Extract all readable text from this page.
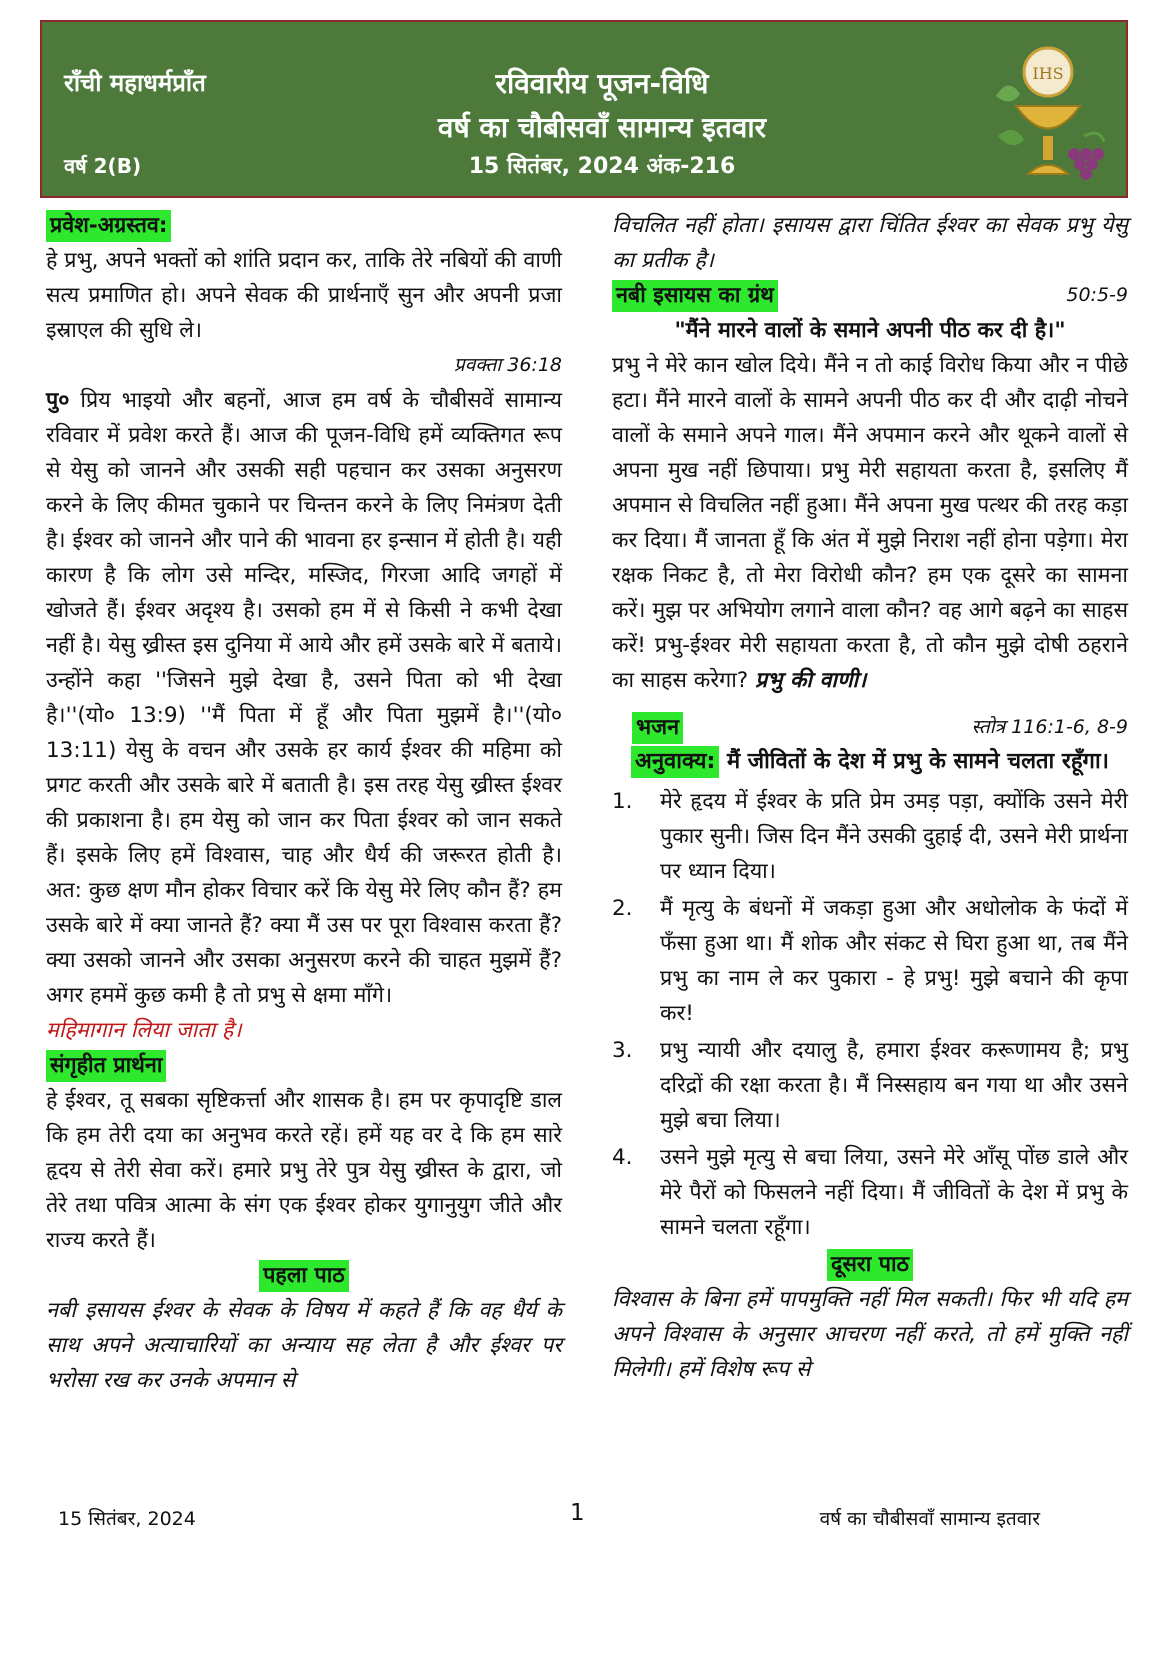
राँची महाधर्मप्राँत
वर्ष 2(B)
रविवारीय पूजन-विधि
वर्ष का चौबीसवाँ सामान्य इतवार
15 सितंबर, 2024 अंक-216
IHS
प्रवेश-अग्रस्तव:

हे प्रभु, अपने भक्तों को शांति प्रदान कर, ताकि तेरे नबियों की वाणी सत्य प्रमाणित हो। अपने सेवक की प्रार्थनाएँ सुन और अपनी प्रजा इस्राएल की सुधि ले।

प्रवक्ता 36:18

पु० प्रिय भाइयो और बहनों, आज हम वर्ष के चौबीसवें सामान्य रविवार में प्रवेश करते हैं। आज की पूजन-विधि हमें व्यक्तिगत रूप से येसु को जानने और उसकी सही पहचान कर उसका अनुसरण करने के लिए कीमत चुकाने पर चिन्तन करने के लिए निमंत्रण देती है। ईश्वर को जानने और पाने की भावना हर इन्सान में होती है। यही कारण है कि लोग उसे मन्दिर, मस्जिद, गिरजा आदि जगहों में खोजते हैं। ईश्वर अदृश्य है। उसको हम में से किसी ने कभी देखा नहीं है। येसु ख्रीस्त इस दुनिया में आये और हमें उसके बारे में बताये। उन्होंने कहा ''जिसने मुझे देखा है, उसने पिता को भी देखा है।''(यो० 13:9) ''मैं पिता में हूँ और पिता मुझमें है।''(यो० 13:11) येसु के वचन और उसके हर कार्य ईश्वर की महिमा को प्रगट करती और उसके बारे में बताती है। इस तरह येसु ख्रीस्त ईश्वर की प्रकाशना है। हम येसु को जान कर पिता ईश्वर को जान सकते हैं। इसके लिए हमें विश्वास, चाह और धैर्य की जरूरत होती है। अत: कुछ क्षण मौन होकर विचार करें कि येसु मेरे लिए कौन हैं? हम उसके बारे में क्या जानते हैं? क्या मैं उस पर पूरा विश्वास करता हैं? क्या उसको जानने और उसका अनुसरण करने की चाहत मुझमें हैं? अगर हममें कुछ कमी है तो प्रभु से क्षमा माँगे।

महिमागान लिया जाता है।
संगृहीत प्रार्थना

हे ईश्वर, तू सबका सृष्टिकर्त्ता और शासक है। हम पर कृपादृष्टि डाल कि हम तेरी दया का अनुभव करते रहें। हमें यह वर दे कि हम सारे हृदय से तेरी सेवा करें। हमारे प्रभु तेरे पुत्र येसु ख्रीस्त के द्वारा, जो तेरे तथा पवित्र आत्मा के संग एक ईश्वर होकर युगानुयुग जीते और राज्य करते हैं।

पहला पाठ

नबी इसायस ईश्वर के सेवक के विषय में कहते हैं कि वह धैर्य के साथ अपने अत्याचारियों का अन्याय सह लेता है और ईश्वर पर भरोसा रख कर उनके अपमान से

विचलित नहीं होता। इसायस द्वारा चिंतित ईश्वर का सेवक प्रभु येसु का प्रतीक है।

नबी इसायस का ग्रंथ	50:5-9
"मैंने मारने वालों के समाने अपनी पीठ कर दी है।"

प्रभु ने मेरे कान खोल दिये। मैंने न तो काई विरोध किया और न पीछे हटा। मैंने मारने वालों के सामने अपनी पीठ कर दी और दाढ़ी नोचने वालों के समाने अपने गाल। मैंने अपमान करने और थूकने वालों से अपना मुख नहीं छिपाया। प्रभु मेरी सहायता करता है, इसलिए मैं अपमान से विचलित नहीं हुआ। मैंने अपना मुख पत्थर की तरह कड़ा कर दिया। मैं जानता हूँ कि अंत में मुझे निराश नहीं होना पड़ेगा। मेरा रक्षक निकट है, तो मेरा विरोधी कौन? हम एक दूसरे का सामना करें। मुझ पर अभियोग लगाने वाला कौन? वह आगे बढ़ने का साहस करें! प्रभु-ईश्वर मेरी सहायता करता है, तो कौन मुझे दोषी ठहराने का साहस करेगा? प्रभु की वाणी।

भजन	स्तोत्र 116:1-6, 8-9
अनुवाक्य: मैं जीवितों के देश में प्रभु के सामने चलता रहूँगा।
1.	मेरे हृदय में ईश्वर के प्रति प्रेम उमड़ पड़ा, क्योंकि उसने मेरी पुकार सुनी। जिस दिन मैंने उसकी दुहाई दी, उसने मेरी प्रार्थना पर ध्यान दिया।
2.	मैं मृत्यु के बंधनों में जकड़ा हुआ और अधोलोक के फंदों में फँसा हुआ था। मैं शोक और संकट से घिरा हुआ था, तब मैंने प्रभु का नाम ले कर पुकारा - हे प्रभु! मुझे बचाने की कृपा कर!
3.	प्रभु न्यायी और दयालु है, हमारा ईश्वर करूणामय है; प्रभु दरिद्रों की रक्षा करता है। मैं निस्सहाय बन गया था और उसने मुझे बचा लिया।
4.	उसने मुझे मृत्यु से बचा लिया, उसने मेरे आँसू पोंछ डाले और मेरे पैरों को फिसलने नहीं दिया। मैं जीवितों के देश में प्रभु के सामने चलता रहूँगा।
दूसरा पाठ

विश्वास के बिना हमें पापमुक्ति नहीं मिल सकती। फिर भी यदि हम अपने विश्वास के अनुसार आचरण नहीं करते, तो हमें मुक्ति नहीं मिलेगी। हमें विशेष रूप से

15 सितंबर, 2024	1	वर्ष का चौबीसवाँ सामान्य इतवार
